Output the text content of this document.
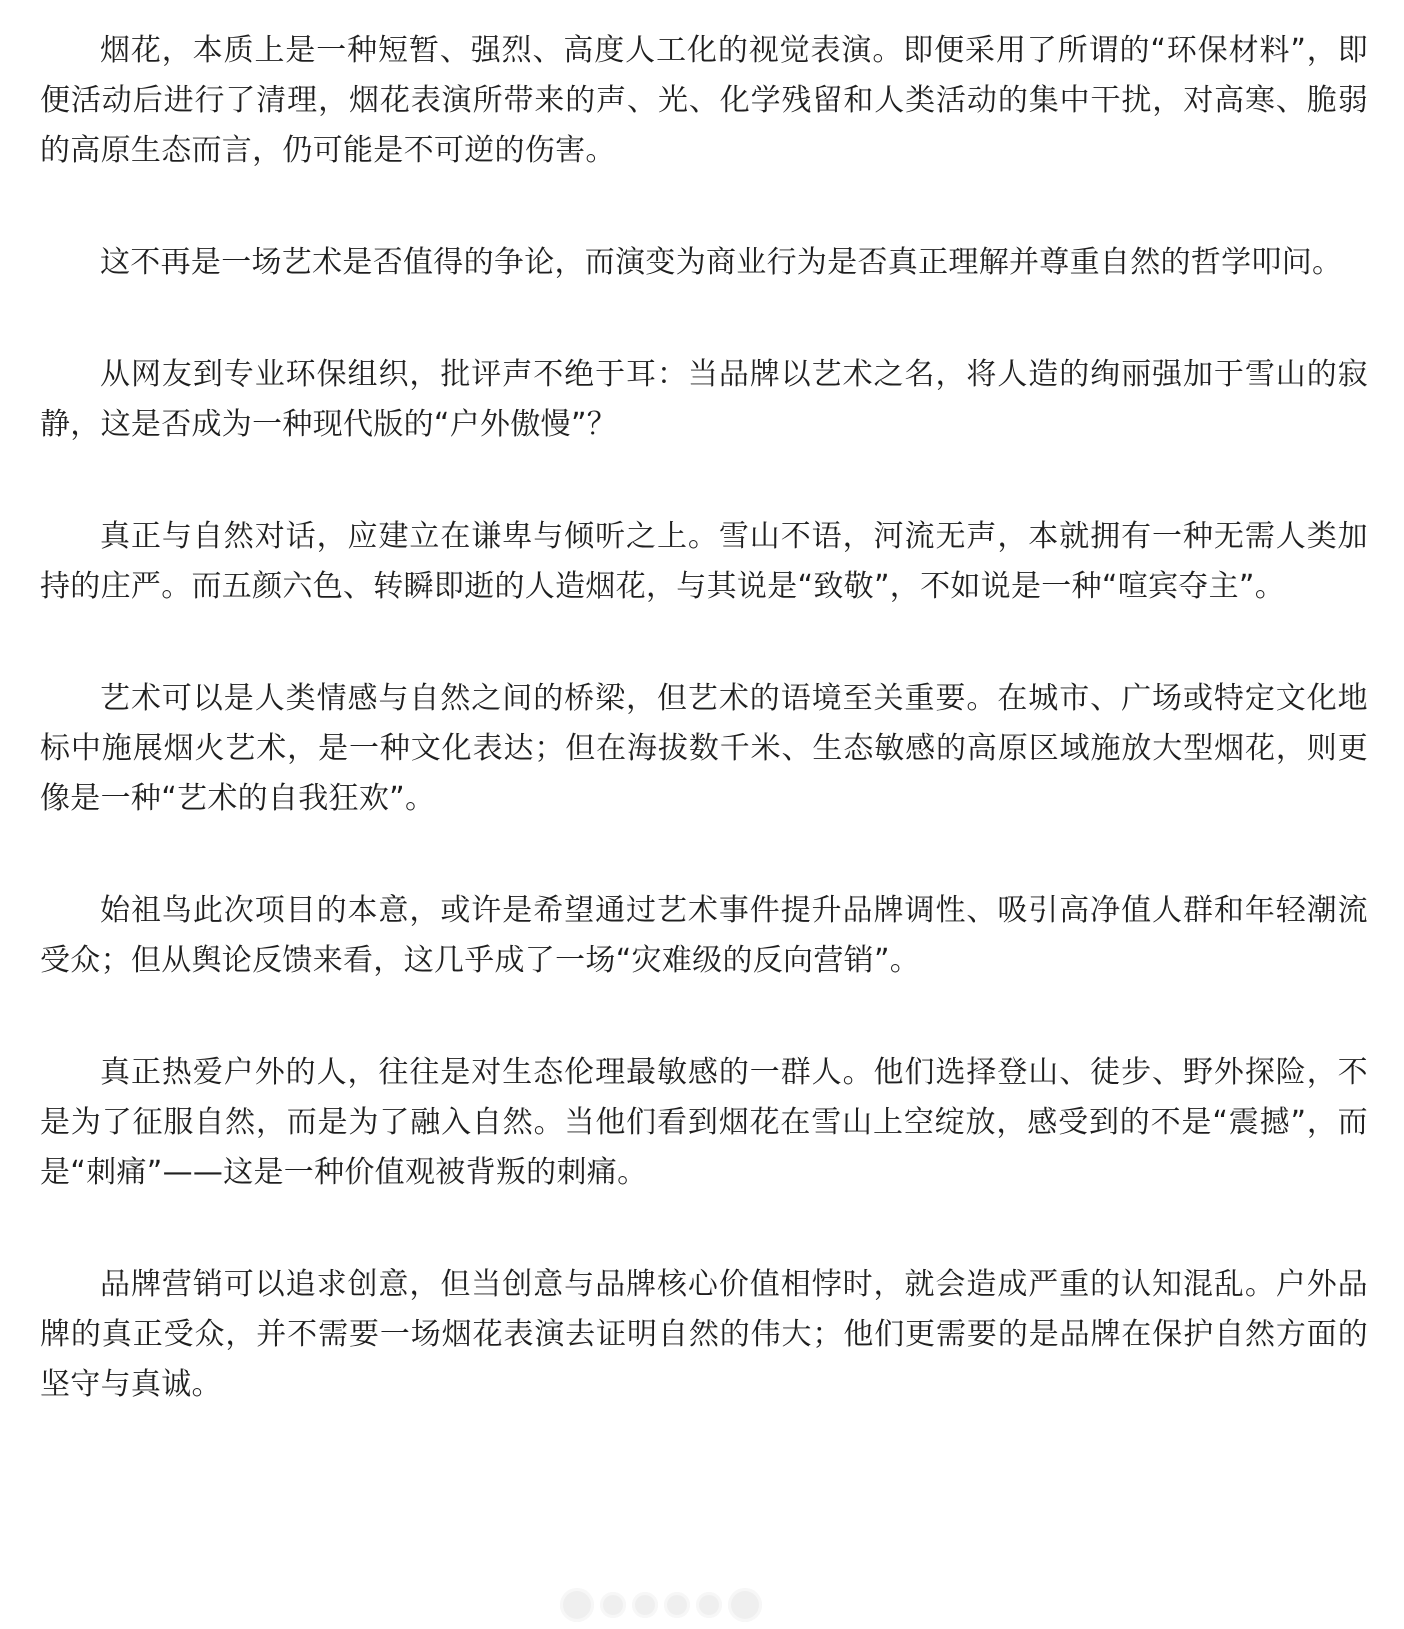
烟花，本质上是一种短暂、强烈、高度人工化的视觉表演。即便采用了所谓的“环保材料”，即便活动后进行了清理，烟花表演所带来的声、光、化学残留和人类活动的集中干扰，对高寒、脆弱的高原生态而言，仍可能是不可逆的伤害。

这不再是一场艺术是否值得的争论，而演变为商业行为是否真正理解并尊重自然的哲学叩问。

从网友到专业环保组织，批评声不绝于耳：当品牌以艺术之名，将人造的绚丽强加于雪山的寂静，这是否成为一种现代版的“户外傲慢”？

真正与自然对话，应建立在谦卑与倾听之上。雪山不语，河流无声，本就拥有一种无需人类加持的庄严。而五颜六色、转瞬即逝的人造烟花，与其说是“致敬”，不如说是一种“喧宾夺主”。

艺术可以是人类情感与自然之间的桥梁，但艺术的语境至关重要。在城市、广场或特定文化地标中施展烟火艺术，是一种文化表达；但在海拔数千米、生态敏感的高原区域施放大型烟花，则更像是一种“艺术的自我狂欢”。

始祖鸟此次项目的本意，或许是希望通过艺术事件提升品牌调性、吸引高净值人群和年轻潮流受众；但从舆论反馈来看，这几乎成了一场“灾难级的反向营销”。

真正热爱户外的人，往往是对生态伦理最敏感的一群人。他们选择登山、徒步、野外探险，不是为了征服自然，而是为了融入自然。当他们看到烟花在雪山上空绽放，感受到的不是“震撼”，而是“刺痛”——这是一种价值观被背叛的刺痛。

品牌营销可以追求创意，但当创意与品牌核心价值相悖时，就会造成严重的认知混乱。户外品牌的真正受众，并不需要一场烟花表演去证明自然的伟大；他们更需要的是品牌在保护自然方面的坚守与真诚。
